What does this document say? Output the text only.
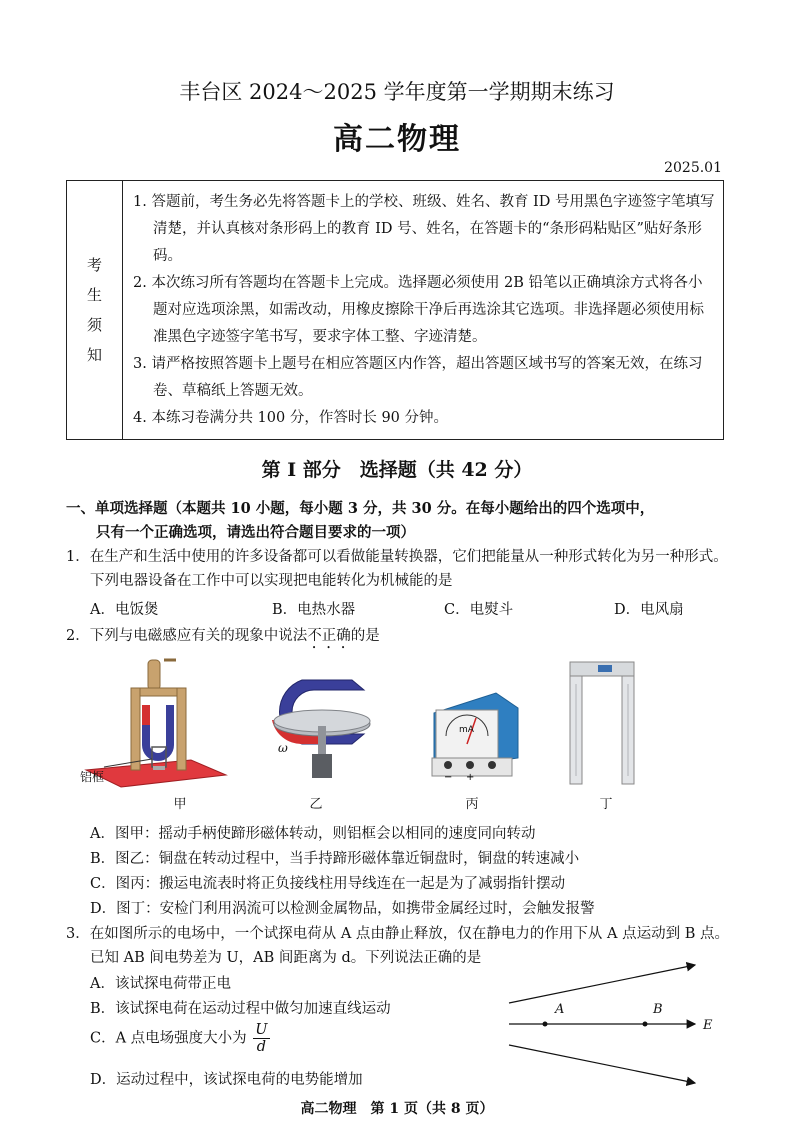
丰台区 2024～2025 学年度第一学期期末练习
高二物理
2025.01
考
生
须
知
1. 答题前，考生务必先将答题卡上的学校、班级、姓名、教育 ID 号用黑色字迹签字笔填写清楚，并认真核对条形码上的教育 ID 号、姓名，在答题卡的“条形码粘贴区”贴好条形码。
2. 本次练习所有答题均在答题卡上完成。选择题必须使用 2B 铅笔以正确填涂方式将各小题对应选项涂黑，如需改动，用橡皮擦除干净后再选涂其它选项。非选择题必须使用标准黑色字迹签字笔书写，要求字体工整、字迹清楚。
3. 请严格按照答题卡上题号在相应答题区内作答，超出答题区域书写的答案无效，在练习卷、草稿纸上答题无效。
4. 本练习卷满分共 100 分，作答时长 90 分钟。
第 I 部分　选择题（共 42 分）
一、单项选择题（本题共 10 小题，每小题 3 分，共 30 分。在每小题给出的四个选项中，
只有一个正确选项，请选出符合题目要求的一项）
1．在生产和生活中使用的许多设备都可以看做能量转换器，它们把能量从一种形式转化为另一种形式。下列电器设备在工作中可以实现把电能转化为机械能的是
A．电饭煲	B．电热水器	C．电熨斗	D．电风扇
2．下列与电磁感应有关的现象中说法不正确的是
铝框
甲
ω
乙
mA
− +
丙	丁
A．图甲：摇动手柄使蹄形磁体转动，则铝框会以相同的速度同向转动
B．图乙：铜盘在转动过程中，当手持蹄形磁体靠近铜盘时，铜盘的转速减小
C．图丙：搬运电流表时将正负接线柱用导线连在一起是为了减弱指针摆动
D．图丁：安检门利用涡流可以检测金属物品，如携带金属经过时，会触发报警
3．在如图所示的电场中，一个试探电荷从 A 点由静止释放，仅在静电力的作用下从 A 点运动到 B 点。已知 AB 间电势差为 U，AB 间距离为 d。下列说法正确的是
A．该试探电荷带正电
B．该试探电荷在运动过程中做匀加速直线运动
C．A 点电场强度大小为 $\frac{U}{d}$
D．运动过程中，该试探电荷的电势能增加
A	B
E
高二物理　第 1 页（共 8 页）
